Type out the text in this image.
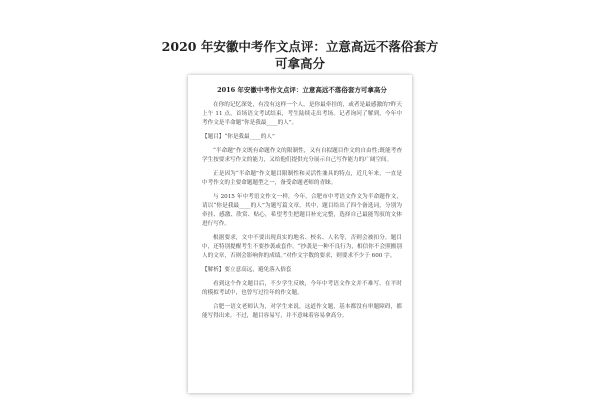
2020 年安徽中考作文点评：立意高远不落俗套方
可拿高分
2016 年安徽中考作文点评：立意高远不落俗套方可拿高分

在你的记忆深处，有没有这样一个人，是你最牵挂的，或者是最感激的?昨天上午 11 点，首场语文考试结束，考生陆续走出考场。记者询问了解到，今年中考作文是半命题“你是我最____的人”。

【题目】“你是我最____的人”

“半命题”作文既有命题作文的限制性，又有自拟题目作文的自由性;既能考查学生按要求写作文的能力，又给他们提供充分展示自己写作能力的广阔空间。

正是因为“半命题”作文题目限制性和灵活性兼具的特点，近几年来，一直是中考作文的主要命题题型之一，备受命题老师的青睐。

与 2015 年中考语文作文一样，今年，合肥市中考语文作文为半命题作文，请以“你是我最____的人”为题写篇文章。其中，题目给出了四个备选词，分别为牵挂、感激、欣赏、贴心，希望考生把题目补充完整，选择自己最能驾驭的文体进行写作。

根据要求，文中不要出现真实的地名、校名、人名等，否则会被扣分。题目中，还特别提醒考生不要抄袭或套作。“抄袭是一种不良行为，相信你不会照搬别人的文章，否则会影响你的成绩。”对作文字数的要求，则要求不少于 600 字。

【解析】要立意高远，避免落入俗套

看到这个作文题目后，不少学生反映，今年中考语文作文并不难写。在平时的模拟考试中，也曾写过往年的作文题。

合肥一语文老师认为，对学生来说，这道作文题，基本都没有审题障碍，都能写得出来。不过，题目容易写，并不意味着容易拿高分。
